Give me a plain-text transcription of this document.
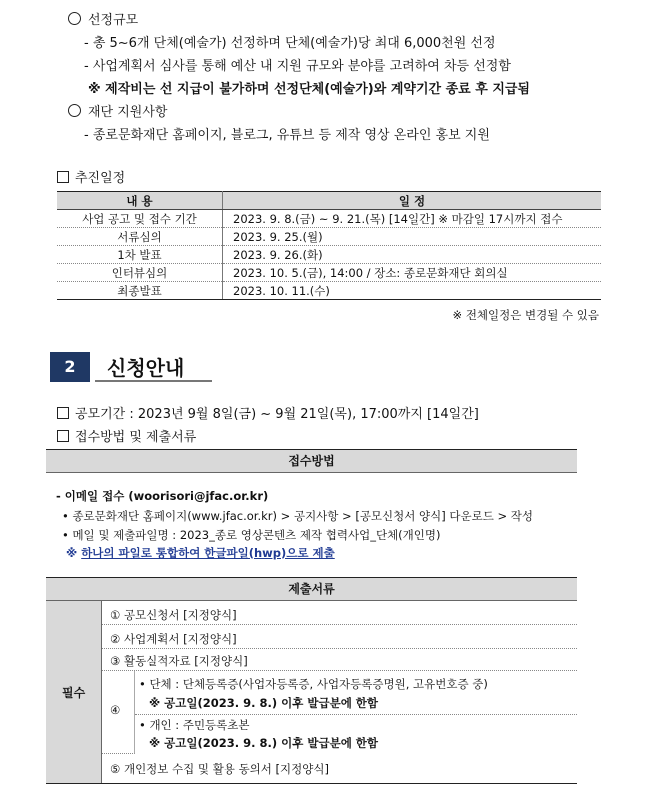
선정규모
- 총 5~6개 단체(예술가) 선정하며 단체(예술가)당 최대 6,000천원 선정
- 사업계획서 심사를 통해 예산 내 지원 규모와 분야를 고려하여 차등 선정함
※ 제작비는 선 지급이 불가하며 선정단체(예술가)와 계약기간 종료 후 지급됨
재단 지원사항
- 종로문화재단 홈페이지, 블로그, 유튜브 등 제작 영상 온라인 홍보 지원
추진일정
내 용	일 정
사업 공고 및 접수 기간	2023. 9. 8.(금) ~ 9. 21.(목) [14일간] ※ 마감일 17시까지 접수
서류심의	2023. 9. 25.(월)
1차 발표	2023. 9. 26.(화)
인터뷰심의	2023. 10. 5.(금), 14:00 / 장소: 종로문화재단 회의실
최종발표	2023. 10. 11.(수)
※ 전체일정은 변경될 수 있음
2	신청안내
공모기간 : 2023년 9월 8일(금) ~ 9월 21일(목), 17:00까지 [14일간]
접수방법 및 제출서류
접수방법
- 이메일 접수 (woorisori@jfac.or.kr)
• 종로문화재단 홈페이지(www.jfac.or.kr) > 공지사항 > [공모신청서 양식] 다운로드 > 작성
• 메일 및 제출파일명 : 2023_종로 영상콘텐츠 제작 협력사업_단체(개인명)
※ 하나의 파일로 통합하여 한글파일(hwp)으로 제출
제출서류
필수
① 공모신청서 [지정양식]
② 사업계획서 [지정양식]
③ 활동실적자료 [지정양식]
④
• 단체 : 단체등록증(사업자등록증, 사업자등록증명원, 고유번호증 중)
※ 공고일(2023. 9. 8.) 이후 발급분에 한함
• 개인 : 주민등록초본
※ 공고일(2023. 9. 8.) 이후 발급분에 한함
⑤ 개인정보 수집 및 활용 동의서 [지정양식]
